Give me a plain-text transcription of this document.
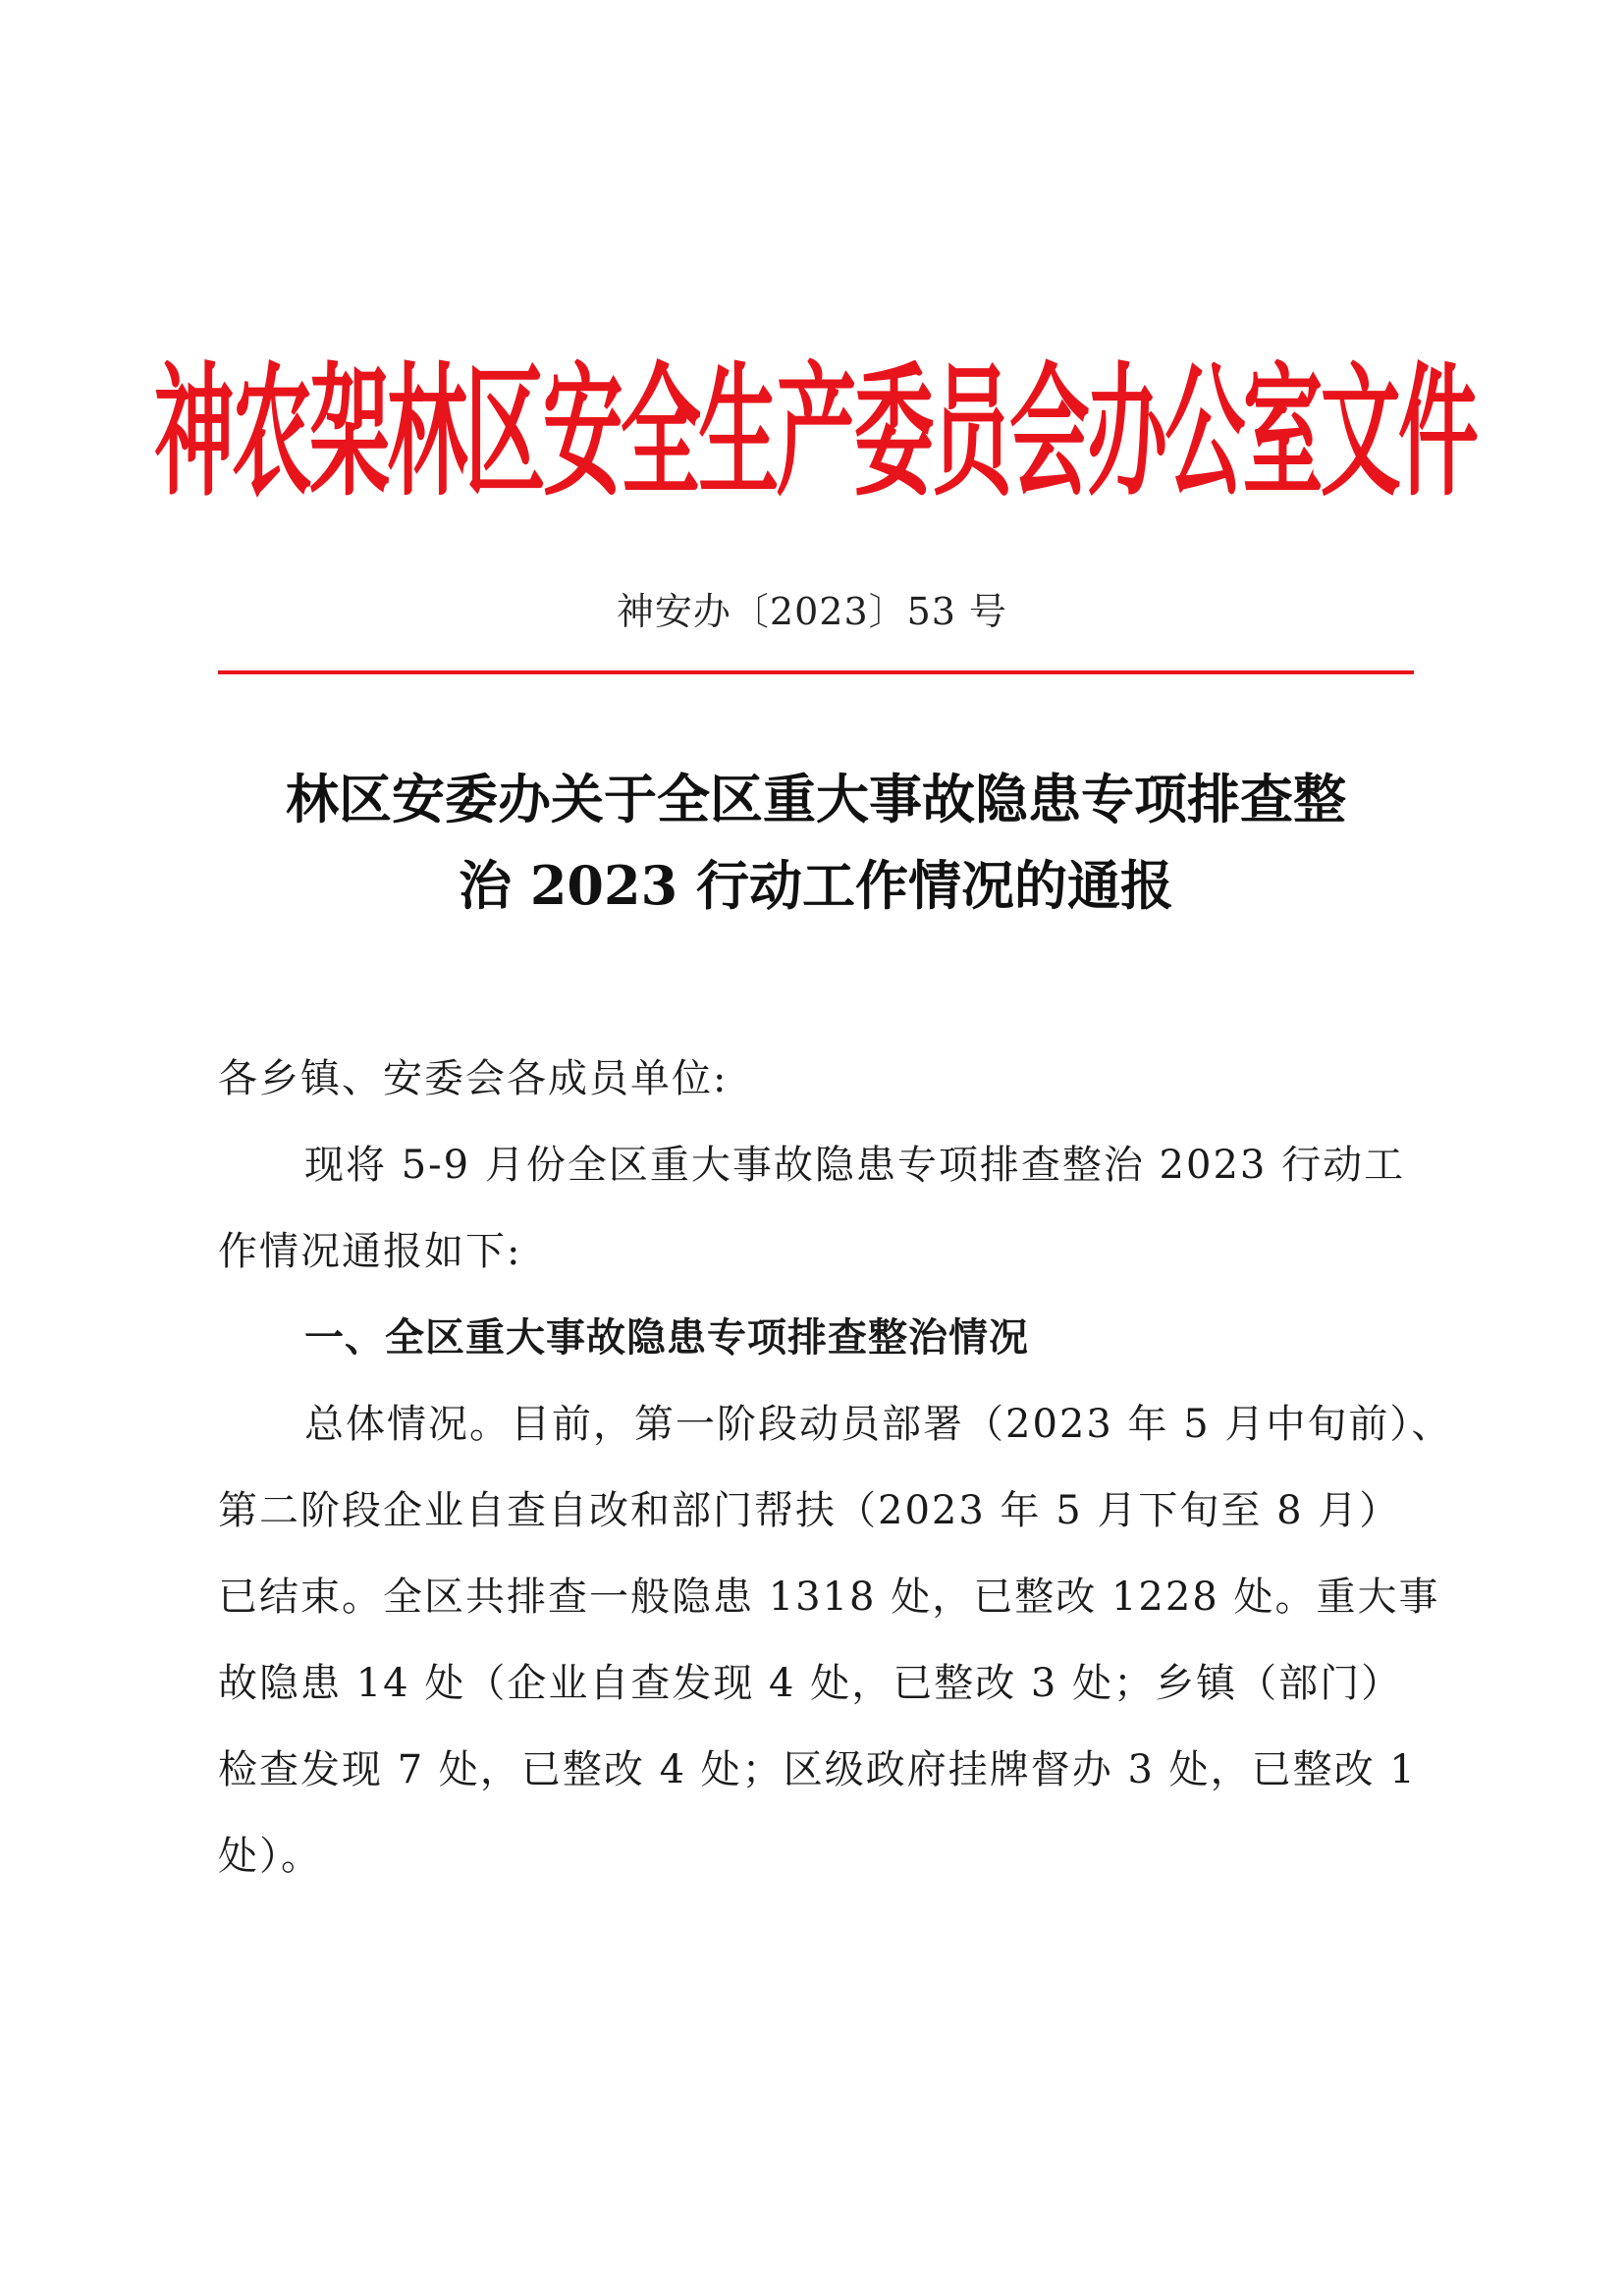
神农架林区安全生产委员会办公室文件
神安办〔2023〕53 号
林区安委办关于全区重大事故隐患专项排查整
治 2023 行动工作情况的通报
各乡镇、安委会各成员单位:
现将 5-9 月份全区重大事故隐患专项排查整治 2023 行动工
作情况通报如下:
一、全区重大事故隐患专项排查整治情况
总体情况。目前，第一阶段动员部署（2023 年 5 月中旬前）、
第二阶段企业自查自改和部门帮扶（2023 年 5 月下旬至 8 月）
已结束。全区共排查一般隐患 1318 处，已整改 1228 处。重大事
故隐患 14 处（企业自查发现 4 处，已整改 3 处；乡镇（部门）
检查发现 7 处，已整改 4 处；区级政府挂牌督办 3 处，已整改 1
处）。
